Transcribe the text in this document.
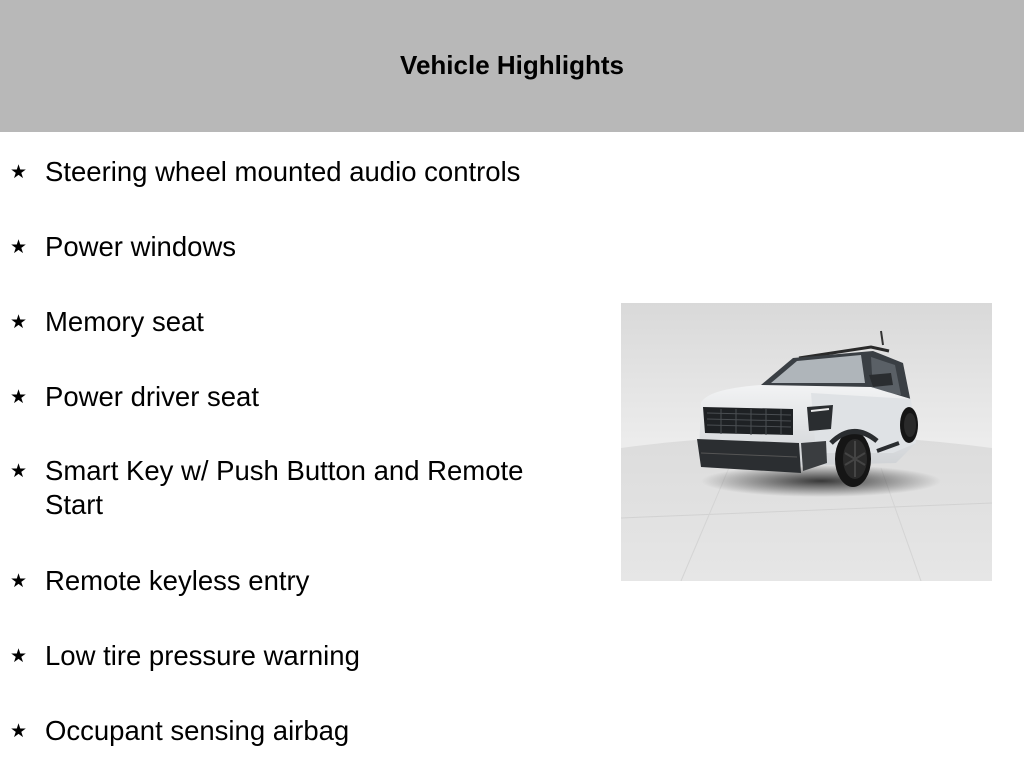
Vehicle Highlights
★ Steering wheel mounted audio controls
★ Power windows
★ Memory seat
★ Power driver seat
★ Smart Key w/ Push Button and Remote Start
★ Remote keyless entry
★ Low tire pressure warning
★ Occupant sensing airbag
